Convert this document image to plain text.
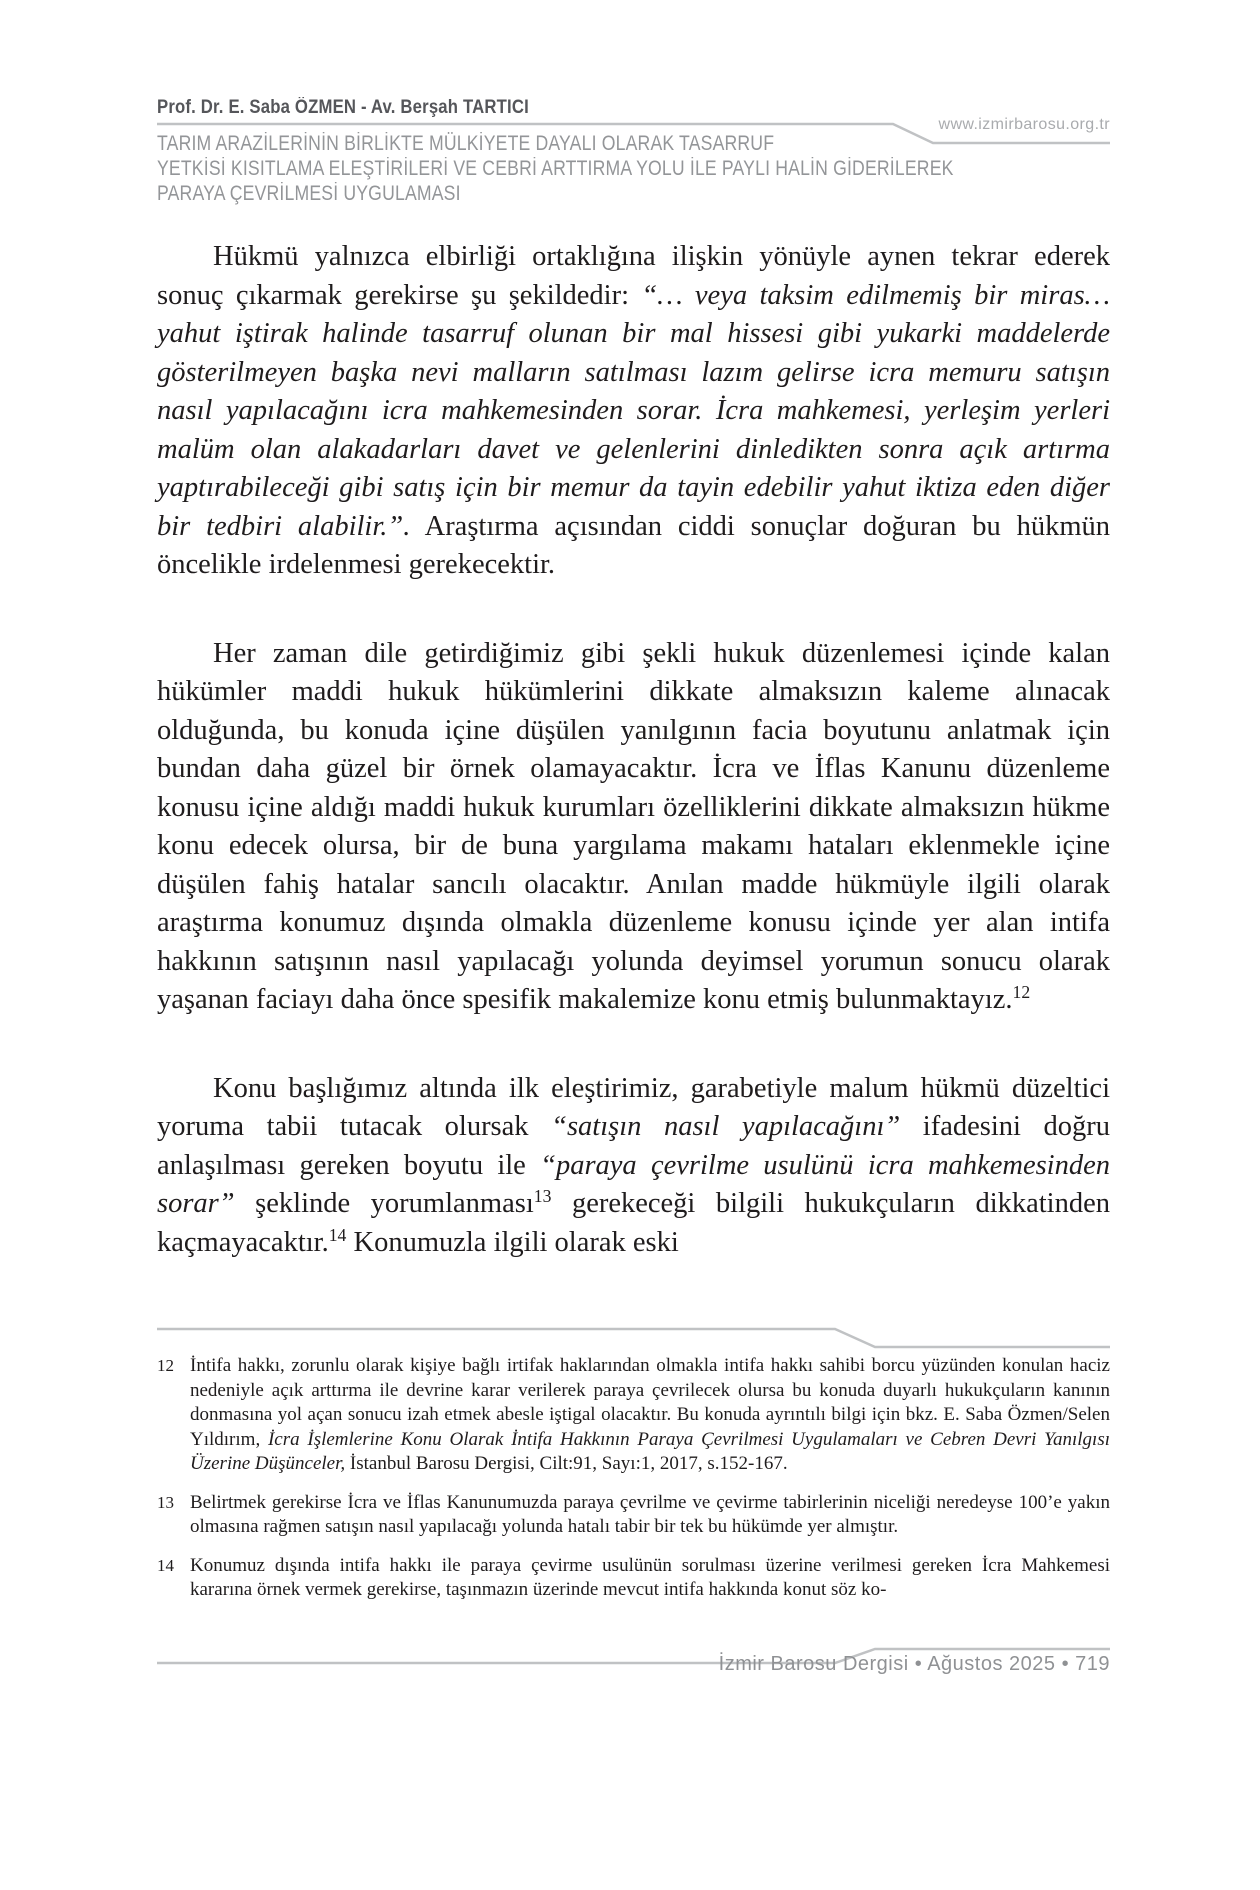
Prof. Dr. E. Saba ÖZMEN - Av. Berşah TARTICI
www.izmirbarosu.org.tr
TARIM ARAZİLERİNİN BİRLİKTE MÜLKİYETE DAYALI OLARAK TASARRUF
YETKİSİ KISITLAMA ELEŞTİRİLERİ VE CEBRİ ARTTIRMA YOLU İLE PAYLI HALİN GİDERİLEREK
PARAYA ÇEVRİLMESİ UYGULAMASI

Hükmü yalnızca elbirliği ortaklığına ilişkin yönüyle aynen tekrar ederek sonuç çıkarmak gerekirse şu şekildedir: “… veya taksim edilmemiş bir miras… yahut iştirak halinde tasarruf olunan bir mal hissesi gibi yukarki maddelerde gösterilmeyen başka nevi malların satılması lazım gelirse icra memuru satışın nasıl yapılacağını icra mahkemesinden sorar. İcra mahkemesi, yerleşim yerleri malüm olan alakadarları davet ve gelenlerini dinledikten sonra açık artırma yaptırabileceği gibi satış için bir memur da tayin edebilir yahut iktiza eden diğer bir tedbiri alabilir.”. Araştırma açısından ciddi sonuçlar doğuran bu hükmün öncelikle irdelenmesi gerekecektir.

Her zaman dile getirdiğimiz gibi şekli hukuk düzenlemesi içinde kalan hükümler maddi hukuk hükümlerini dikkate almaksızın kaleme alınacak olduğunda, bu konuda içine düşülen yanılgının facia boyutunu anlatmak için bundan daha güzel bir örnek olamayacaktır. İcra ve İflas Kanunu düzenleme konusu içine aldığı maddi hukuk kurumları özelliklerini dikkate almaksızın hükme konu edecek olursa, bir de buna yargılama makamı hataları eklenmekle içine düşülen fahiş hatalar sancılı olacaktır. Anılan madde hükmüyle ilgili olarak araştırma konumuz dışında olmakla düzenleme konusu içinde yer alan intifa hakkının satışının nasıl yapılacağı yolunda deyimsel yorumun sonucu olarak yaşanan faciayı daha önce spesifik makalemize konu etmiş bulunmaktayız.$^{12}$

Konu başlığımız altında ilk eleştirimiz, garabetiyle malum hükmü düzeltici yoruma tabii tutacak olursak “satışın nasıl yapılacağını” ifadesini doğru anlaşılması gereken boyutu ile “paraya çevrilme usulünü icra mahkemesinden sorar” şeklinde yorumlanması$^{13}$ gerekeceği bilgili hukukçuların dikkatinden kaçmayacaktır.$^{14}$ Konumuzla ilgili olarak eski

12 İntifa hakkı, zorunlu olarak kişiye bağlı irtifak haklarından olmakla intifa hakkı sahibi borcu yüzünden konulan haciz nedeniyle açık arttırma ile devrine karar verilerek paraya çevrilecek olursa bu konuda duyarlı hukukçuların kanının donmasına yol açan sonucu izah etmek abesle iştigal olacaktır. Bu konuda ayrıntılı bilgi için bkz. E. Saba Özmen/Selen Yıldırım, İcra İşlemlerine Konu Olarak İntifa Hakkının Paraya Çevrilmesi Uygulamaları ve Cebren Devri Yanılgısı Üzerine Düşünceler, İstanbul Barosu Dergisi, Cilt:91, Sayı:1, 2017, s.152-167.
13 Belirtmek gerekirse İcra ve İflas Kanunumuzda paraya çevrilme ve çevirme tabirlerinin niceliği neredeyse 100’e yakın olmasına rağmen satışın nasıl yapılacağı yolunda hatalı tabir bir tek bu hükümde yer almıştır.
14 Konumuz dışında intifa hakkı ile paraya çevirme usulünün sorulması üzerine verilmesi gereken İcra Mahkemesi kararına örnek vermek gerekirse, taşınmazın üzerinde mevcut intifa hakkında konut söz ko-
İzmir Barosu Dergisi • Ağustos 2025 • 719
